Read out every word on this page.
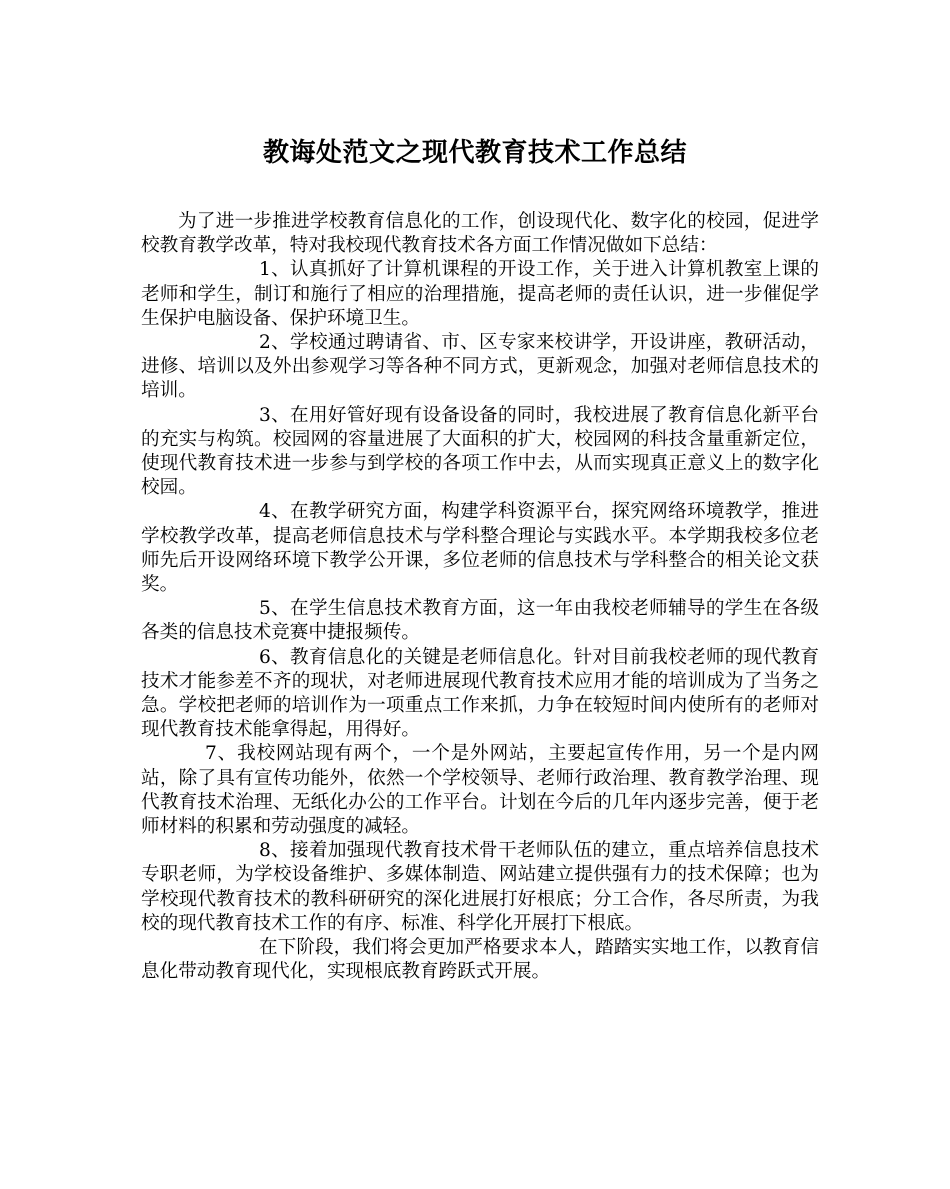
教诲处范文之现代教育技术工作总结

为了进一步推进学校教育信息化的工作，创设现代化、数字化的校园，促进学校教育教学改革，特对我校现代教育技术各方面工作情况做如下总结：

1、认真抓好了计算机课程的开设工作，关于进入计算机教室上课的老师和学生，制订和施行了相应的治理措施，提高老师的责任认识，进一步催促学生保护电脑设备、保护环境卫生。

2、学校通过聘请省、市、区专家来校讲学，开设讲座，教研活动，进修、培训以及外出参观学习等各种不同方式，更新观念，加强对老师信息技术的培训。

3、在用好管好现有设备设备的同时，我校进展了教育信息化新平台的充实与构筑。校园网的容量进展了大面积的扩大，校园网的科技含量重新定位，使现代教育技术进一步参与到学校的各项工作中去，从而实现真正意义上的数字化校园。

4、在教学研究方面，构建学科资源平台，探究网络环境教学，推进学校教学改革，提高老师信息技术与学科整合理论与实践水平。本学期我校多位老师先后开设网络环境下教学公开课，多位老师的信息技术与学科整合的相关论文获奖。

5、在学生信息技术教育方面，这一年由我校老师辅导的学生在各级各类的信息技术竞赛中捷报频传。

6、教育信息化的关键是老师信息化。针对目前我校老师的现代教育技术才能参差不齐的现状，对老师进展现代教育技术应用才能的培训成为了当务之急。学校把老师的培训作为一项重点工作来抓，力争在较短时间内使所有的老师对现代教育技术能拿得起，用得好。

7、我校网站现有两个，一个是外网站，主要起宣传作用，另一个是内网站，除了具有宣传功能外，依然一个学校领导、老师行政治理、教育教学治理、现代教育技术治理、无纸化办公的工作平台。计划在今后的几年内逐步完善，便于老师材料的积累和劳动强度的减轻。

8、接着加强现代教育技术骨干老师队伍的建立，重点培养信息技术专职老师，为学校设备维护、多媒体制造、网站建立提供强有力的技术保障；也为学校现代教育技术的教科研研究的深化进展打好根底；分工合作，各尽所责，为我校的现代教育技术工作的有序、标准、科学化开展打下根底。

在下阶段，我们将会更加严格要求本人，踏踏实实地工作，以教育信息化带动教育现代化，实现根底教育跨跃式开展。
